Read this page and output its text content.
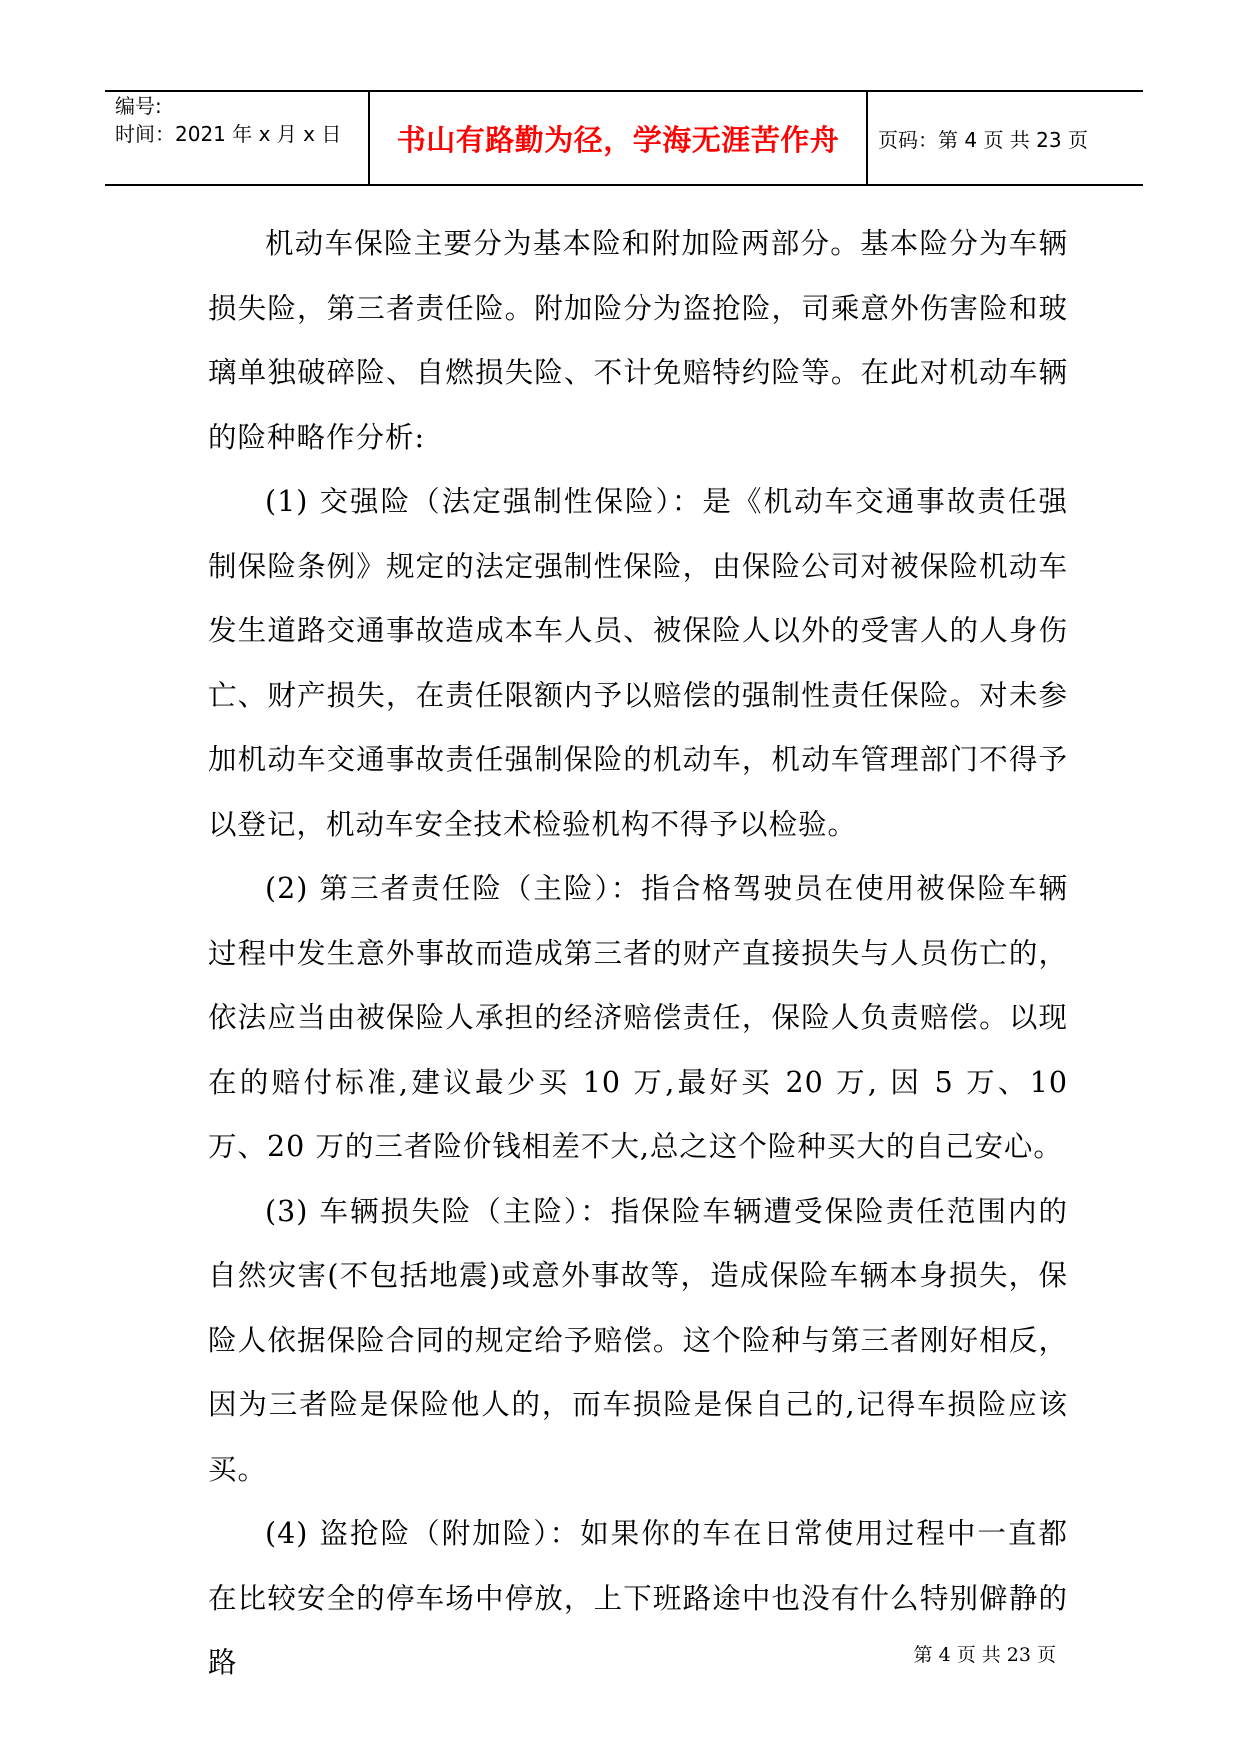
编号:
时间：2021 年 x 月 x 日 书山有路勤为径，学海无涯苦作舟 页码：第 4 页 共 23 页

机动车保险主要分为基本险和附加险两部分。基本险分为车辆损失险，第三者责任险。附加险分为盗抢险，司乘意外伤害险和玻璃单独破碎险、自燃损失险、不计免赔特约险等。在此对机动车辆的险种略作分析:

(1) 交强险（法定强制性保险）：是《机动车交通事故责任强制保险条例》规定的法定强制性保险，由保险公司对被保险机动车发生道路交通事故造成本车人员、被保险人以外的受害人的人身伤亡、财产损失，在责任限额内予以赔偿的强制性责任保险。对未参加机动车交通事故责任强制保险的机动车，机动车管理部门不得予以登记，机动车安全技术检验机构不得予以检验。

(2) 第三者责任险（主险）：指合格驾驶员在使用被保险车辆过程中发生意外事故而造成第三者的财产直接损失与人员伤亡的，依法应当由被保险人承担的经济赔偿责任，保险人负责赔偿。以现在的赔付标准,建议最少买 10 万,最好买 20 万, 因 5 万、10 万、20 万的三者险价钱相差不大,总之这个险种买大的自己安心。

(3) 车辆损失险（主险）：指保险车辆遭受保险责任范围内的自然灾害(不包括地震)或意外事故等，造成保险车辆本身损失，保险人依据保险合同的规定给予赔偿。这个险种与第三者刚好相反，因为三者险是保险他人的，而车损险是保自己的,记得车损险应该买。

(4) 盗抢险（附加险）：如果你的车在日常使用过程中一直都在比较安全的停车场中停放，上下班路途中也没有什么特别僻静的路	第 4 页 共 23 页
